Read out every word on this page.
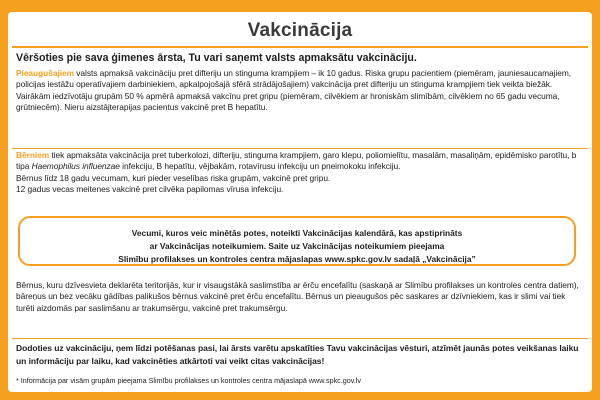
Vakcinācija
Vēršoties pie savа ģimenes ārsta, Tu vari saņemt valsts apmaksātu vakcināciju.

Pieaugušajiem valsts apmaksā vakcināciju pret difteriju un stinguma krampjiem – ik 10 gadus. Riska grupu pacientiem (piemēram, jauniesaucamajiem, policijas iestāžu operatīvajiem darbiniekiem, apkalpojošajā sfērā strādājošajiem) vakcinācija pret difteriju un stinguma krampjiem tiek veikta biežāk. Vairākām iedzīvotāju grupām 50 % apmērā apmaksā vakcīnu pret gripu (piemēram, cilvēkiem ar hroniskām slimībām, cilvēkiem no 65 gadu vecuma, grūtniecēm). Nieru aizstājterapijas pacientus vakcinē pret B hepatītu.

Bērniem tiek apmaksāta vakcinācija pret tuberkolozi, difteriju, stinguma krampjiem, garo klepu, poliomielītu, masalām, masaliņām, epidēmisko parotītu, b tipa Haemophilus influenzae infekciju, B hepatītu, vējbakām, rotavīrusu infekciju un pneimokoku infekciju.

Bērnus līdz 18 gadu vecumam, kuri pieder veselības riska grupām, vakcinē pret gripu.

12 gadus vecas meitenes vakcinē pret cilvēka papilomas vīrusa infekciju.

Vecumi, kuros veic minētās potes, noteikti Vakcinācijas kalendārā, kas apstiprināts
ar Vakcinācijas noteikumiem. Saite uz Vakcinācijas noteikumiem pieejama
Slimību profilakses un kontroles centra mājaslapas www.spkc.gov.lv sadaļā „Vakcinācija”

Bērnus, kuru dzīvesvieta deklarēta teritorijās, kur ir visaugstākā saslimstība ar ērču encefalītu (saskaņā ar Slimību profilakses un kontroles centra datiem), bāreņus un bez vecāku gādības palikušos bērnus vakcinē pret ērču encefalītu. Bērnus un pieaugušos pēc saskares ar dzīvniekiem, kas ir slimi vai tiek turēti aizdomās par saslimšanu ar trakumsērgu, vakcinē pret trakumsērgu.

Dodoties uz vakcināciju, ņem līdzi potēšanas pasi, lai ārsts varētu apskatīties Tavu vakcinācijas vēsturi, atzīmēt jaunās potes veikšanas laiku un informāciju par laiku, kad vakcinēties atkārtoti vai veikt citas vakcinācijas!

* Informācija par visām grupām pieejama Slimību profilakses un kontroles centra mājaslapā www.spkc.gov.lv
